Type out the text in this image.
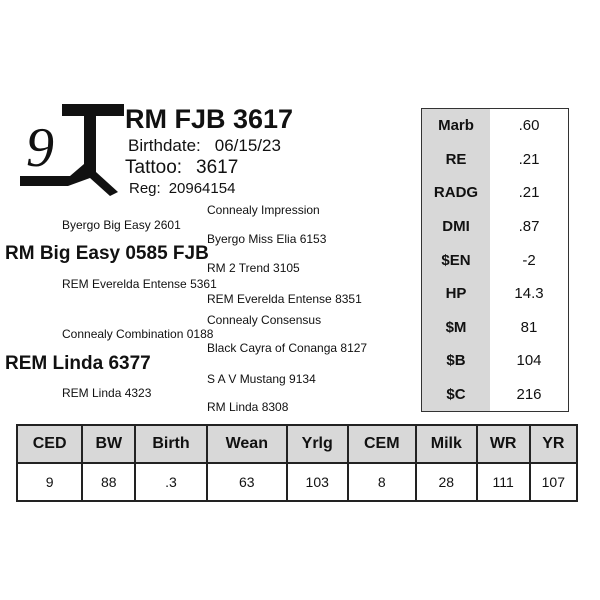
9	RM FJB 3617
Birthdate: 06/15/23
Tattoo: 3617
Reg: 20964154
Connealy Impression
Byergo Big Easy 2601
Byergo Miss Elia 6153
RM Big Easy 0585 FJB
RM 2 Trend 3105
REM Everelda Entense 5361
REM Everelda Entense 8351
Connealy Consensus
Connealy Combination 0188
Black Cayra of Conanga 8127
REM Linda 6377
S A V Mustang 9134
REM Linda 4323
RM Linda 8308
Marb	.60
RE	.21
RADG	.21
DMI	.87
$EN	-2
HP	14.3
$M	81
$B	104
$C	216
CED	BW	Birth	Wean	Yrlg	CEM	Milk	WR	YR
9	88	.3	63	103	8	28	111	107
